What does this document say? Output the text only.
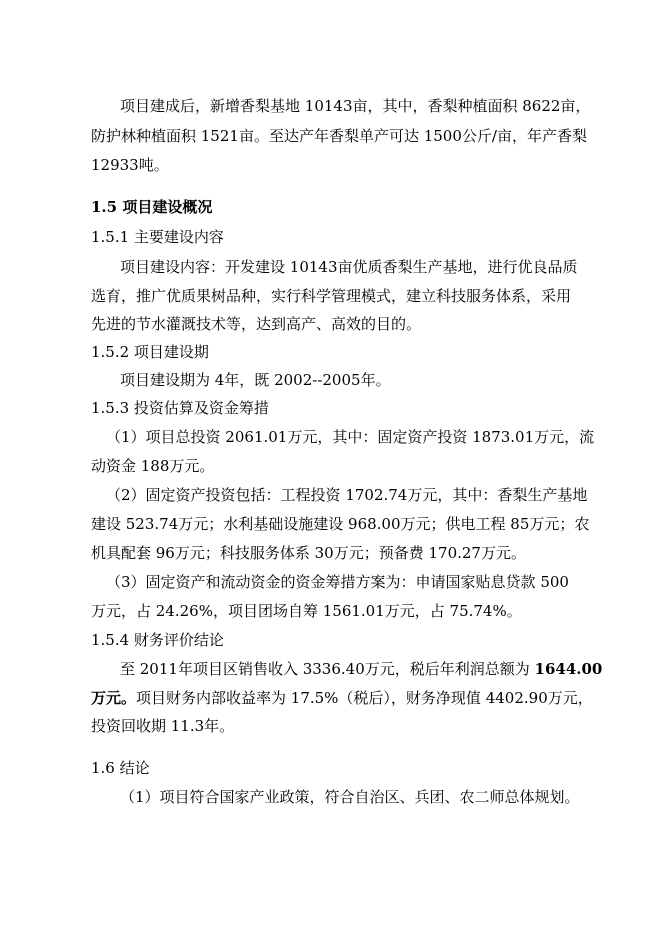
项目建成后，新增香梨基地 10143亩，其中，香梨种植面积 8622亩，
防护林种植面积 1521亩。至达产年香梨单产可达 1500公斤/亩，年产香梨
12933吨。
1.5 项目建设概况
1.5.1 主要建设内容
项目建设内容：开发建设 10143亩优质香梨生产基地，进行优良品质
选育，推广优质果树品种，实行科学管理模式，建立科技服务体系，采用
先进的节水灌溉技术等，达到高产、高效的目的。
1.5.2 项目建设期
项目建设期为 4年，既 2002--2005年。
1.5.3 投资估算及资金筹措
（1）项目总投资 2061.01万元，其中：固定资产投资 1873.01万元，流
动资金 188万元。
（2）固定资产投资包括：工程投资 1702.74万元，其中：香梨生产基地
建设 523.74万元；水利基础设施建设 968.00万元；供电工程 85万元；农
机具配套 96万元；科技服务体系 30万元；预备费 170.27万元。
（3）固定资产和流动资金的资金筹措方案为：申请国家贴息贷款 500
万元，占 24.26%，项目团场自筹 1561.01万元，占 75.74%。
1.5.4 财务评价结论
至 2011年项目区销售收入 3336.40万元，税后年利润总额为 1644.00
万元。项目财务内部收益率为 17.5%（税后），财务净现值 4402.90万元，
投资回收期 11.3年。
1.6 结论
（1）项目符合国家产业政策，符合自治区、兵团、农二师总体规划。
